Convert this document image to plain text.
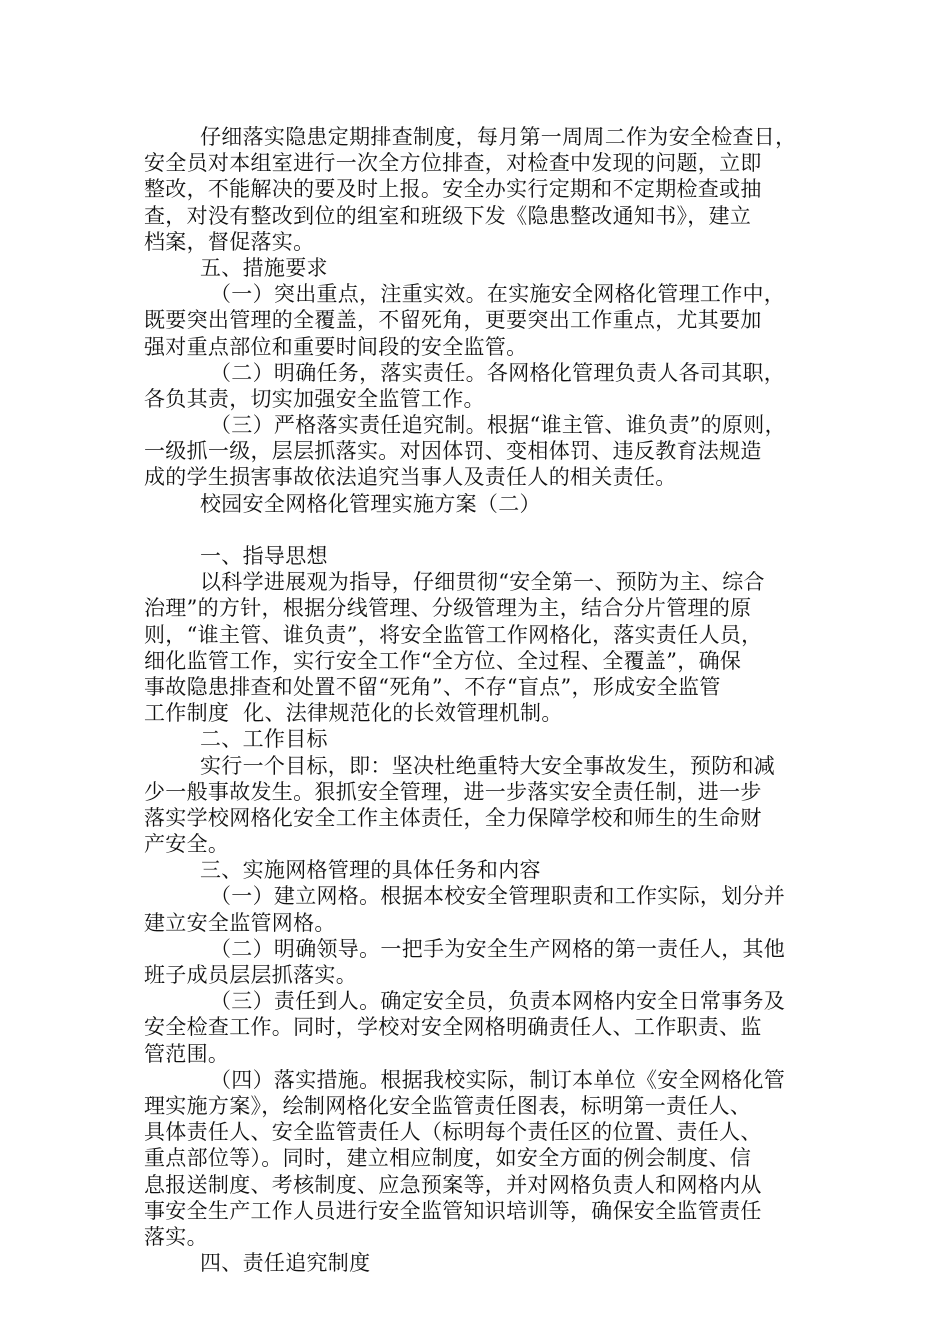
仔细落实隐患定期排查制度，每月第一周周二作为安全检查日，
安全员对本组室进行一次全方位排查，对检查中发现的问题，立即
整改，不能解决的要及时上报。安全办实行定期和不定期检查或抽
查，对没有整改到位的组室和班级下发《隐患整改通知书》，建立
档案，督促落实。
五、措施要求
（一）突出重点，注重实效。在实施安全网格化管理工作中，
既要突出管理的全覆盖，不留死角，更要突出工作重点，尤其要加
强对重点部位和重要时间段的安全监管。
（二）明确任务，落实责任。各网格化管理负责人各司其职，
各负其责，切实加强安全监管工作。
（三）严格落实责任追究制。根据“谁主管、谁负责”的原则，
一级抓一级，层层抓落实。对因体罚、变相体罚、违反教育法规造
成的学生损害事故依法追究当事人及责任人的相关责任。
校园安全网格化管理实施方案（二）
一、指导思想
以科学进展观为指导，仔细贯彻“安全第一、预防为主、综合
治理”的方针，根据分线管理、分级管理为主，结合分片管理的原
则，“谁主管、谁负责”，将安全监管工作网格化，落实责任人员，
细化监管工作，实行安全工作“全方位、全过程、全覆盖”，确保
事故隐患排查和处置不留“死角”、不存“盲点”，形成安全监管
工作制度  化、法律规范化的长效管理机制。
二、工作目标
实行一个目标，即：坚决杜绝重特大安全事故发生，预防和减
少一般事故发生。狠抓安全管理，进一步落实安全责任制，进一步
落实学校网格化安全工作主体责任，全力保障学校和师生的生命财
产安全。
三、实施网格管理的具体任务和内容
（一）建立网格。根据本校安全管理职责和工作实际，划分并
建立安全监管网格。
（二）明确领导。一把手为安全生产网格的第一责任人，其他
班子成员层层抓落实。
（三）责任到人。确定安全员，负责本网格内安全日常事务及
安全检查工作。同时，学校对安全网格明确责任人、工作职责、监
管范围。
（四）落实措施。根据我校实际，制订本单位《安全网格化管
理实施方案》，绘制网格化安全监管责任图表，标明第一责任人、
具体责任人、安全监管责任人（标明每个责任区的位置、责任人、
重点部位等）。同时，建立相应制度，如安全方面的例会制度、信
息报送制度、考核制度、应急预案等，并对网格负责人和网格内从
事安全生产工作人员进行安全监管知识培训等，确保安全监管责任
落实。
四、责任追究制度
